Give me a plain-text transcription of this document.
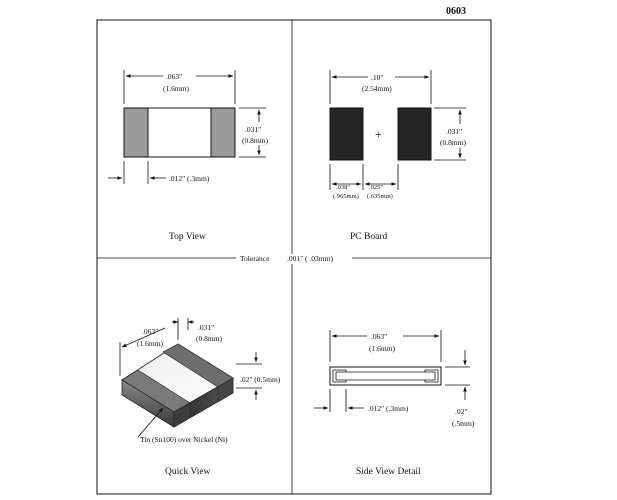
0603
Tolerance .001" ( .03mm)
.063"
(1.6mm)
.031"
(0.8mm)
.012" (.3mm)
Top View
+
.10"
(2.54mm)
.031"
(0.8mm)
.038"
(.965mm)
.025"
(.635mm)
PC Board
.063"
(1.6mm)
.031"
(0.8mm)
.02" (0.5mm)
Tin (Sn100) over Nickel (Ni)
Quick View
.063"
(1.6mm)
.012" (.3mm)	.02"
(.5mm)
Side View Detail
